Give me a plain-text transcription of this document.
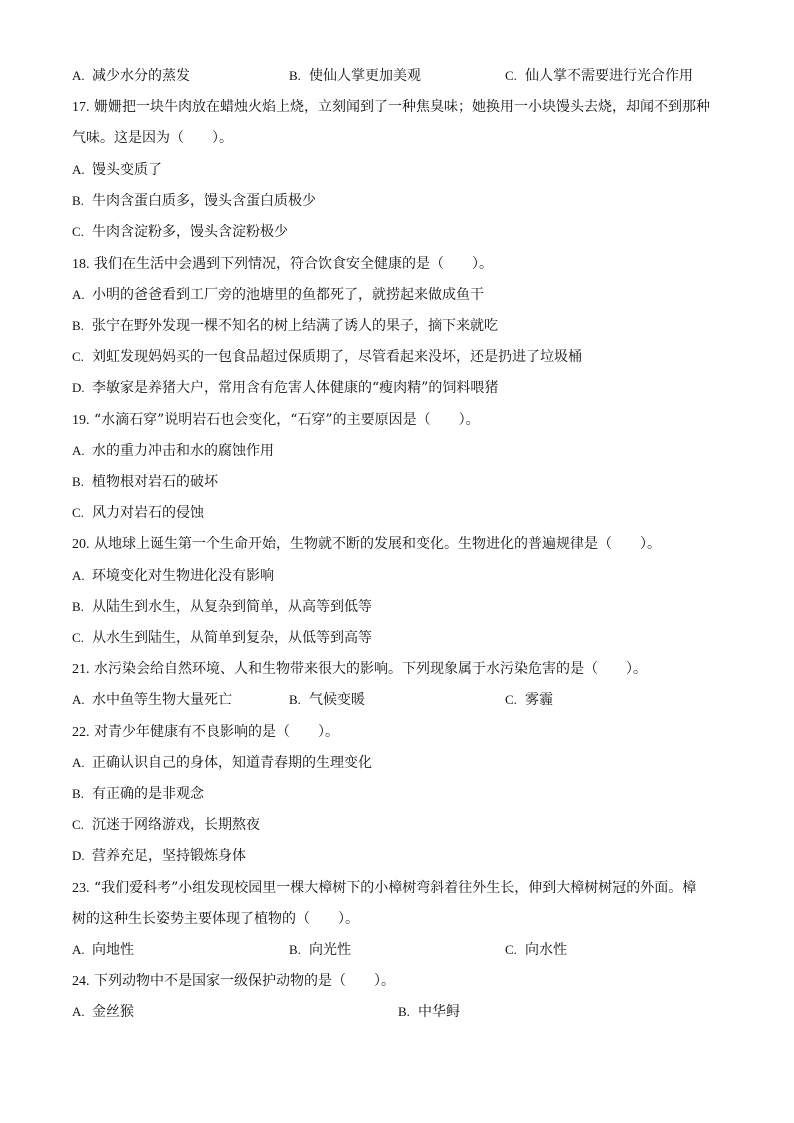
A. 减少水分的蒸发	B. 使仙人掌更加美观	C. 仙人掌不需要进行光合作用
17. 姗姗把一块牛肉放在蜡烛火焰上烧，立刻闻到了一种焦臭味；她换用一小块馒头去烧，却闻不到那种
气味。这是因为（　　）。
A. 馒头变质了
B. 牛肉含蛋白质多，馒头含蛋白质极少
C. 牛肉含淀粉多，馒头含淀粉极少
18. 我们在生活中会遇到下列情况，符合饮食安全健康的是（　　）。
A. 小明的爸爸看到工厂旁的池塘里的鱼都死了，就捞起来做成鱼干
B. 张宁在野外发现一棵不知名的树上结满了诱人的果子，摘下来就吃
C. 刘虹发现妈妈买的一包食品超过保质期了，尽管看起来没坏，还是扔进了垃圾桶
D. 李敏家是养猪大户，常用含有危害人体健康的“瘦肉精”的饲料喂猪
19. “水滴石穿”说明岩石也会变化，“石穿”的主要原因是（　　）。
A. 水的重力冲击和水的腐蚀作用
B. 植物根对岩石的破坏
C. 风力对岩石的侵蚀
20. 从地球上诞生第一个生命开始，生物就不断的发展和变化。生物进化的普遍规律是（　　）。
A. 环境变化对生物进化没有影响
B. 从陆生到水生，从复杂到简单，从高等到低等
C. 从水生到陆生，从简单到复杂，从低等到高等
21. 水污染会给自然环境、人和生物带来很大的影响。下列现象属于水污染危害的是（　　）。
A. 水中鱼等生物大量死亡	B. 气候变暖	C. 雾霾
22. 对青少年健康有不良影响的是（　　）。
A. 正确认识自己的身体，知道青春期的生理变化
B. 有正确的是非观念
C. 沉迷于网络游戏，长期熬夜
D. 营养充足，坚持锻炼身体
23. “我们爱科考”小组发现校园里一棵大樟树下的小樟树弯斜着往外生长，伸到大樟树树冠的外面。樟
树的这种生长姿势主要体现了植物的（　　）。
A. 向地性	B. 向光性	C. 向水性
24. 下列动物中不是国家一级保护动物的是（　　）。
A. 金丝猴	B. 中华鲟
